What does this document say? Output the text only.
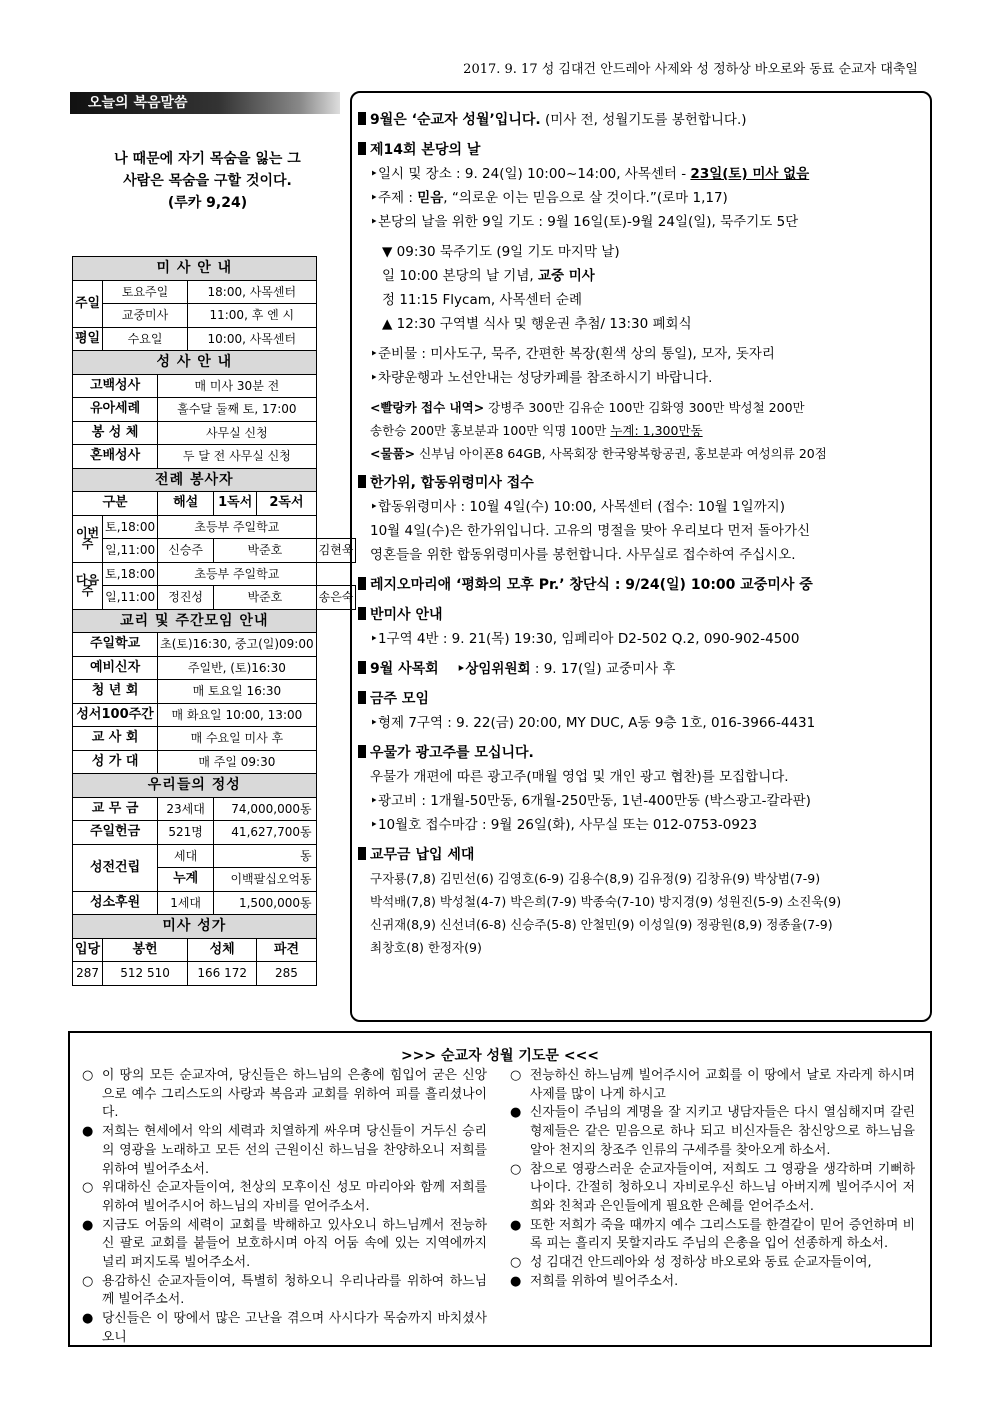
2017. 9. 17 성 김대건 안드레아 사제와 성 정하상 바오로와 동료 순교자 대축일
오늘의 복음말씀
나 때문에 자기 목숨을 잃는 그
사람은 목숨을 구할 것이다.
(루카 9,24)
미 사 안 내						
주일	토요주일		18:00, 사목센터			
	교중미사		11:00, 후 엔 시			
평일	수요일		10:00, 사목센터			
성 사 안 내						
고백성사		매 미사 30분 전				
유아세례		홀수달 둘째 토, 17:00				
봉 성 체		사무실 신청				
혼배성사		두 달 전 사무실 신청				
전례 봉사자						
구분		해설		1독서	2독서	
이번주	토,18:00	초등부 주일학교				
	일,11:00	신승주		박준호		김현욱
다음주	토,18:00	초등부 주일학교				
	일,11:00	정진성		박준호		송은숙
교리 및 주간모임 안내						
주일학교		초(토)16:30, 중고(일)09:00				
예비신자		주일반, (토)16:30				
청 년 회		매 토요일 16:30				
성서100주간		매 화요일 10:00, 13:00				
교 사 회		매 수요일 미사 후				
성 가 대		매 주일 09:30				
우리들의 정성						
교 무 금		23세대		74,000,000동		
주일헌금		521명		41,627,700동		
성전건립		세대		동		
		누계		이백팔십오억동		
성소후원		1세대		1,500,000동		
미사 성가						
입당	봉헌		성체		파견	
287	512 510		166 172		285	
9월은 ‘순교자 성월’입니다. (미사 전, 성월기도를 봉헌합니다.)
제14회 본당의 날
‣일시 및 장소 : 9. 24(일) 10:00~14:00, 사목센터 - 23일(토) 미사 없음
‣주제 : 믿음, “의로운 이는 믿음으로 살 것이다.”(로마 1,17)
‣본당의 날을 위한 9일 기도 : 9월 16일(토)-9월 24일(일), 묵주기도 5단
▼ 09:30 묵주기도 (9일 기도 마지막 날)
일 10:00 본당의 날 기념, 교중 미사
정 11:15 Flycam, 사목센터 순례
▲ 12:30 구역별 식사 및 행운권 추첨/ 13:30 폐회식
‣준비물 : 미사도구, 묵주, 간편한 복장(흰색 상의 통일), 모자, 돗자리
‣차량운행과 노선안내는 성당카페를 참조하시기 바랍니다.
<빨랑카 접수 내역> 강병주 300만 김유순 100만 김화영 300만 박성철 200만
송한승 200만 홍보분과 100만 익명 100만 누계: 1,300만동
<물품> 신부님 아이폰8 64GB, 사목회장 한국왕복항공권, 홍보분과 여성의류 20점
한가위, 합동위령미사 접수
‣합동위령미사 : 10월 4일(수) 10:00, 사목센터 (접수: 10월 1일까지)
10월 4일(수)은 한가위입니다. 고유의 명절을 맞아 우리보다 먼저 돌아가신
영혼들을 위한 합동위령미사를 봉헌합니다. 사무실로 접수하여 주십시오.
레지오마리애 ‘평화의 모후 Pr.’ 창단식 : 9/24(일) 10:00 교중미사 중
반미사 안내
‣1구역 4반 : 9. 21(목) 19:30, 임페리아 D2-502 Q.2, 090-902-4500
9월 사목회 ‣상임위원회 : 9. 17(일) 교중미사 후
금주 모임
‣형제 7구역 : 9. 22(금) 20:00, MY DUC, A동 9층 1호, 016-3966-4431
우물가 광고주를 모십니다.
우물가 개편에 따른 광고주(매월 영업 및 개인 광고 협찬)를 모집합니다.
‣광고비 : 1개월-50만동, 6개월-250만동, 1년-400만동 (박스광고-칼라판)
‣10월호 접수마감 : 9월 26일(화), 사무실 또는 012-0753-0923
교무금 납입 세대
구자룡(7,8) 김민선(6) 김영호(6-9) 김용수(8,9) 김유정(9) 김창유(9) 박상범(7-9)
박석배(7,8) 박성철(4-7) 박은희(7-9) 박종숙(7-10) 방지경(9) 성원진(5-9) 소진욱(9)
신귀재(8,9) 신선녀(6-8) 신승주(5-8) 안철민(9) 이성일(9) 정광원(8,9) 정종율(7-9)
최창호(8) 한정자(9)
>>> 순교자 성월 기도문 <<<
○ 이 땅의 모든 순교자여, 당신들은 하느님의 은총에 힘입어 굳은 신앙으로 예수 그리스도의 사랑과 복음과 교회를 위하여 피를 흘리셨나이다.
● 저희는 현세에서 악의 세력과 치열하게 싸우며 당신들이 거두신 승리의 영광을 노래하고 모든 선의 근원이신 하느님을 찬양하오니 저희를 위하여 빌어주소서.
○ 위대하신 순교자들이여, 천상의 모후이신 성모 마리아와 함께 저희를 위하여 빌어주시어 하느님의 자비를 얻어주소서.
● 지금도 어둠의 세력이 교회를 박해하고 있사오니 하느님께서 전능하신 팔로 교회를 붙들어 보호하시며 아직 어둠 속에 있는 지역에까지 널리 퍼지도록 빌어주소서.
○ 용감하신 순교자들이여, 특별히 청하오니 우리나라를 위하여 하느님께 빌어주소서.
● 당신들은 이 땅에서 많은 고난을 겪으며 사시다가 목숨까지 바치셨사오니
○ 전능하신 하느님께 빌어주시어 교회를 이 땅에서 날로 자라게 하시며 사제를 많이 나게 하시고
● 신자들이 주님의 계명을 잘 지키고 냉담자들은 다시 열심해지며 갈린 형제들은 같은 믿음으로 하나 되고 비신자들은 참신앙으로 하느님을 알아 천지의 창조주 인류의 구세주를 찾아오게 하소서.
○ 참으로 영광스러운 순교자들이여, 저희도 그 영광을 생각하며 기뻐하나이다. 간절히 청하오니 자비로우신 하느님 아버지께 빌어주시어 저희와 친척과 은인들에게 필요한 은혜를 얻어주소서.
● 또한 저희가 죽을 때까지 예수 그리스도를 한결같이 믿어 증언하며 비록 피는 흘리지 못할지라도 주님의 은총을 입어 선종하게 하소서.
○ 성 김대건 안드레아와 성 정하상 바오로와 동료 순교자들이여,
● 저희를 위하여 빌어주소서.
